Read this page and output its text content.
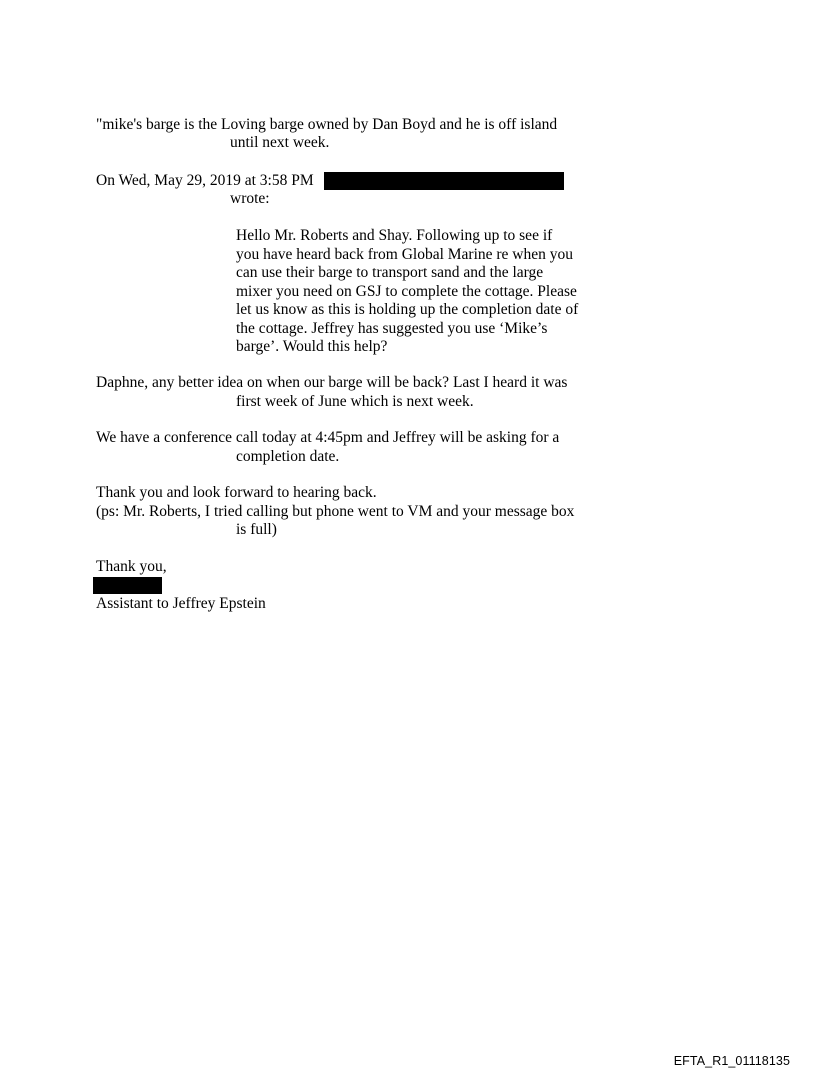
"mike's barge is the Loving barge owned by Dan Boyd and he is off island
until next week.
On Wed, May 29, 2019 at 3:58 PM
wrote:
Hello Mr. Roberts and Shay. Following up to see if
you have heard back from Global Marine re when you
can use their barge to transport sand and the large
mixer you need on GSJ to complete the cottage. Please
let us know as this is holding up the completion date of
the cottage. Jeffrey has suggested you use ‘Mike’s
barge’. Would this help?
Daphne, any better idea on when our barge will be back? Last I heard it was
first week of June which is next week.
We have a conference call today at 4:45pm and Jeffrey will be asking for a
completion date.
Thank you and look forward to hearing back.
(ps: Mr. Roberts, I tried calling but phone went to VM and your message box
is full)
Thank you,
Assistant to Jeffrey Epstein
EFTA_R1_01118135
